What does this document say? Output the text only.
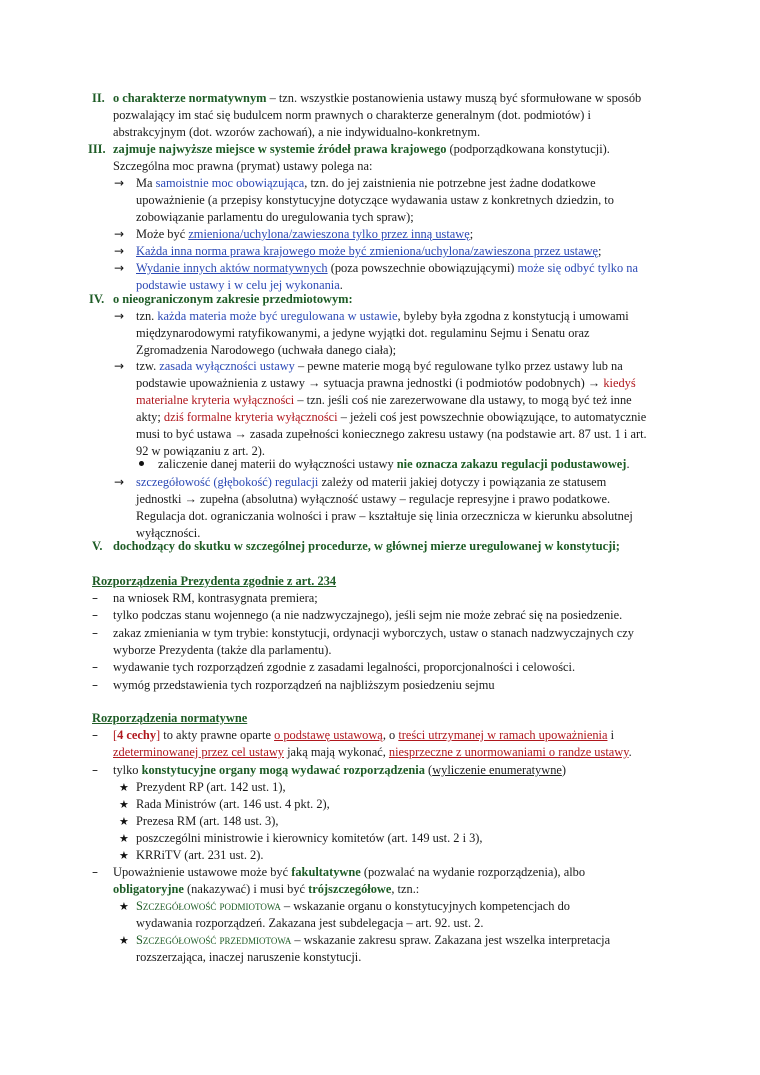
II. o charakterze normatywnym – tzn. wszystkie postanowienia ustawy muszą być sformułowane w sposób
pozwalający im stać się budulcem norm prawnych o charakterze generalnym (dot. podmiotów) i
abstrakcyjnym (dot. wzorów zachowań), a nie indywidualno-konkretnym.
III. zajmuje najwyższe miejsce w systemie źródeł prawa krajowego (podporządkowana konstytucji).
Szczególna moc prawna (prymat) ustawy polega na:
→ Ma samoistnie moc obowiązująca, tzn. do jej zaistnienia nie potrzebne jest żadne dodatkowe
upoważnienie (a przepisy konstytucyjne dotyczące wydawania ustaw z konkretnych dziedzin, to
zobowiązanie parlamentu do uregulowania tych spraw);
→ Może być zmieniona/uchylona/zawieszona tylko przez inną ustawę;
→ Każda inna norma prawa krajowego może być zmieniona/uchylona/zawieszona przez ustawę;
→ Wydanie innych aktów normatywnych (poza powszechnie obowiązującymi) może się odbyć tylko na
podstawie ustawy i w celu jej wykonania.
IV. o nieograniczonym zakresie przedmiotowym:
→ tzn. każda materia może być uregulowana w ustawie, byleby była zgodna z konstytucją i umowami
międzynarodowymi ratyfikowanymi, a jedyne wyjątki dot. regulaminu Sejmu i Senatu oraz
Zgromadzenia Narodowego (uchwała danego ciała);
→ tzw. zasada wyłączności ustawy – pewne materie mogą być regulowane tylko przez ustawy lub na
podstawie upoważnienia z ustawy → sytuacja prawna jednostki (i podmiotów podobnych) → kiedyś
materialne kryteria wyłączności – tzn. jeśli coś nie zarezerwowane dla ustawy, to mogą być też inne
akty; dziś formalne kryteria wyłączności – jeżeli coś jest powszechnie obowiązujące, to automatycznie
musi to być ustawa → zasada zupełności koniecznego zakresu ustawy (na podstawie art. 87 ust. 1 i art.
92 w powiązaniu z art. 2).
zaliczenie danej materii do wyłączności ustawy nie oznacza zakazu regulacji podustawowej.
→ szczegółowość (głębokość) regulacji zależy od materii jakiej dotyczy i powiązania ze statusem
jednostki → zupełna (absolutna) wyłączność ustawy – regulacje represyjne i prawo podatkowe.
Regulacja dot. ograniczania wolności i praw – kształtuje się linia orzecznicza w kierunku absolutnej
wyłączności.
V. dochodzący do skutku w szczególnej procedurze, w głównej mierze uregulowanej w konstytucji;
Rozporządzenia Prezydenta zgodnie z art. 234
– na wniosek RM, kontrasygnata premiera;
– tylko podczas stanu wojennego (a nie nadzwyczajnego), jeśli sejm nie może zebrać się na posiedzenie.
– zakaz zmieniania w tym trybie: konstytucji, ordynacji wyborczych, ustaw o stanach nadzwyczajnych czy
wyborze Prezydenta (także dla parlamentu).
– wydawanie tych rozporządzeń zgodnie z zasadami legalności, proporcjonalności i celowości.
– wymóg przedstawienia tych rozporządzeń na najbliższym posiedzeniu sejmu
Rozporządzenia normatywne
– [4 cechy] to akty prawne oparte o podstawę ustawową, o treści utrzymanej w ramach upoważnienia i
zdeterminowanej przez cel ustawy jaką mają wykonać, niesprzeczne z unormowaniami o randze ustawy.
– tylko konstytucyjne organy mogą wydawać rozporządzenia (wyliczenie enumeratywne)
★ Prezydent RP (art. 142 ust. 1),
★ Rada Ministrów (art. 146 ust. 4 pkt. 2),
★ Prezesa RM (art. 148 ust. 3),
★ poszczególni ministrowie i kierownicy komitetów (art. 149 ust. 2 i 3),
★ KRRiTV (art. 231 ust. 2).
– Upoważnienie ustawowe może być fakultatywne (pozwalać na wydanie rozporządzenia), albo
obligatoryjne (nakazywać) i musi być trójszczegółowe, tzn.:
★ Szczegółowość podmiotowa – wskazanie organu o konstytucyjnych kompetencjach do
wydawania rozporządzeń. Zakazana jest subdelegacja – art. 92. ust. 2.
★ Szczegółowość przedmiotowa – wskazanie zakresu spraw. Zakazana jest wszelka interpretacja
rozszerzająca, inaczej naruszenie konstytucji.
